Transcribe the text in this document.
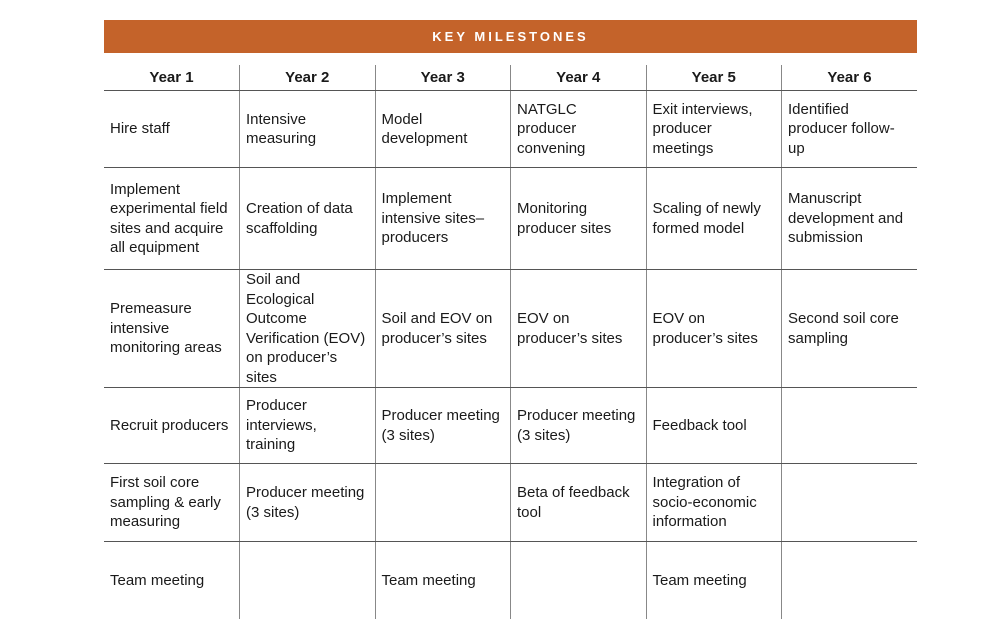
KEY MILESTONES
Year 1	Year 2	Year 3	Year 4	Year 5	Year 6
Hire staff	Intensive measuring	Model development	NATGLC producer convening	Exit interviews, producer meetings	Identified producer follow-up
Implement experimental field sites and acquire all equipment	Creation of data scaffolding	Implement intensive sites–producers	Monitoring producer sites	Scaling of newly formed model	Manuscript development and submission
Premeasure intensive monitoring areas	Soil and Ecological Outcome Verification (EOV) on producer’s sites	Soil and EOV on producer’s sites	EOV on producer’s sites	EOV on producer’s sites	Second soil core sampling
Recruit producers	Producer interviews, training	Producer meeting (3 sites)	Producer meeting (3 sites)	Feedback tool	
First soil core sampling & early measuring	Producer meeting (3 sites)		Beta of feedback tool	Integration of socio-economic information	
Team meeting		Team meeting		Team meeting	
